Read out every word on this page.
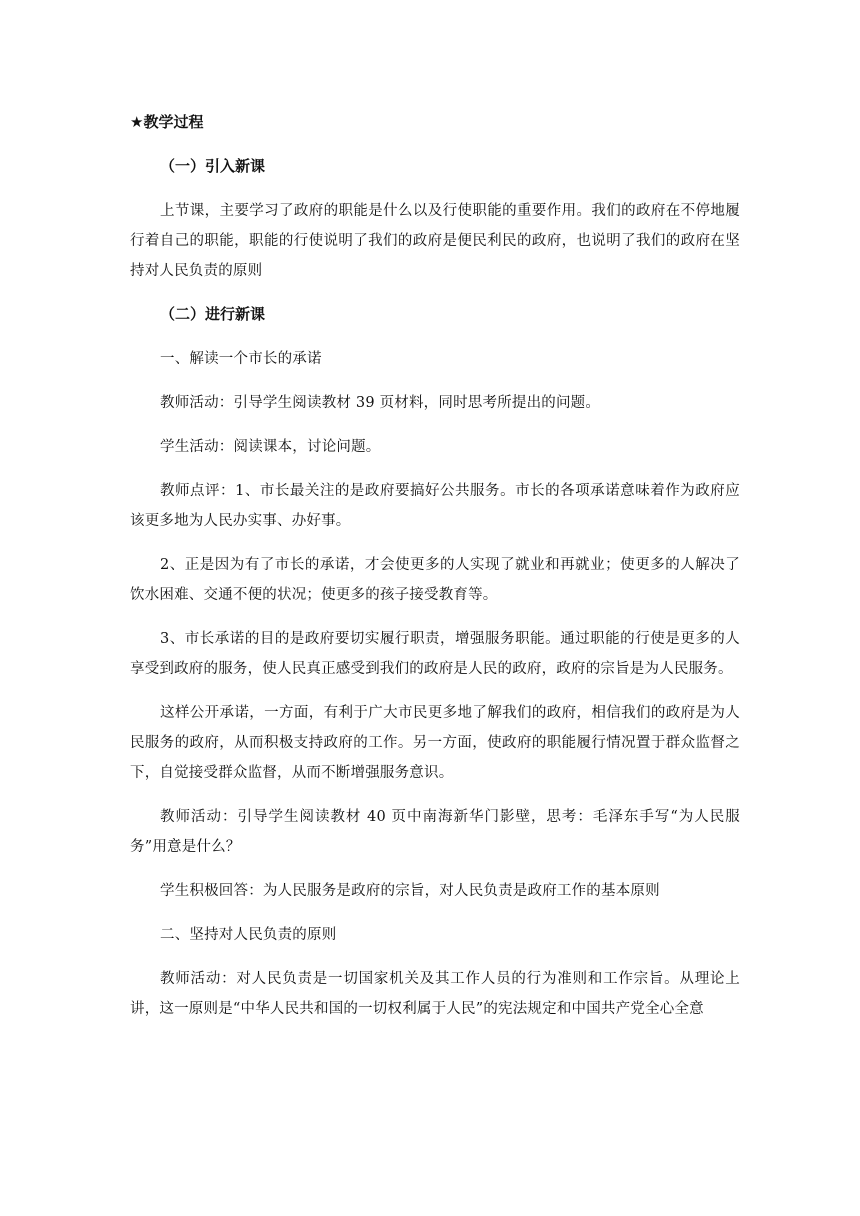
★教学过程
（一）引入新课

上节课，主要学习了政府的职能是什么以及行使职能的重要作用。我们的政府在不停地履行着自己的职能，职能的行使说明了我们的政府是便民利民的政府，也说明了我们的政府在坚持对人民负责的原则

（二）进行新课

一、解读一个市长的承诺

教师活动：引导学生阅读教材 39 页材料，同时思考所提出的问题。

学生活动：阅读课本，讨论问题。

教师点评：1、市长最关注的是政府要搞好公共服务。市长的各项承诺意味着作为政府应该更多地为人民办实事、办好事。

2、正是因为有了市长的承诺，才会使更多的人实现了就业和再就业；使更多的人解决了饮水困难、交通不便的状况；使更多的孩子接受教育等。

3、市长承诺的目的是政府要切实履行职责，增强服务职能。通过职能的行使是更多的人享受到政府的服务，使人民真正感受到我们的政府是人民的政府，政府的宗旨是为人民服务。

这样公开承诺，一方面，有利于广大市民更多地了解我们的政府，相信我们的政府是为人民服务的政府，从而积极支持政府的工作。另一方面，使政府的职能履行情况置于群众监督之下，自觉接受群众监督，从而不断增强服务意识。

教师活动：引导学生阅读教材 40 页中南海新华门影壁，思考：毛泽东手写“为人民服务”用意是什么？

学生积极回答：为人民服务是政府的宗旨，对人民负责是政府工作的基本原则

二、坚持对人民负责的原则

教师活动：对人民负责是一切国家机关及其工作人员的行为准则和工作宗旨。从理论上讲，这一原则是“中华人民共和国的一切权利属于人民”的宪法规定和中国共产党全心全意
